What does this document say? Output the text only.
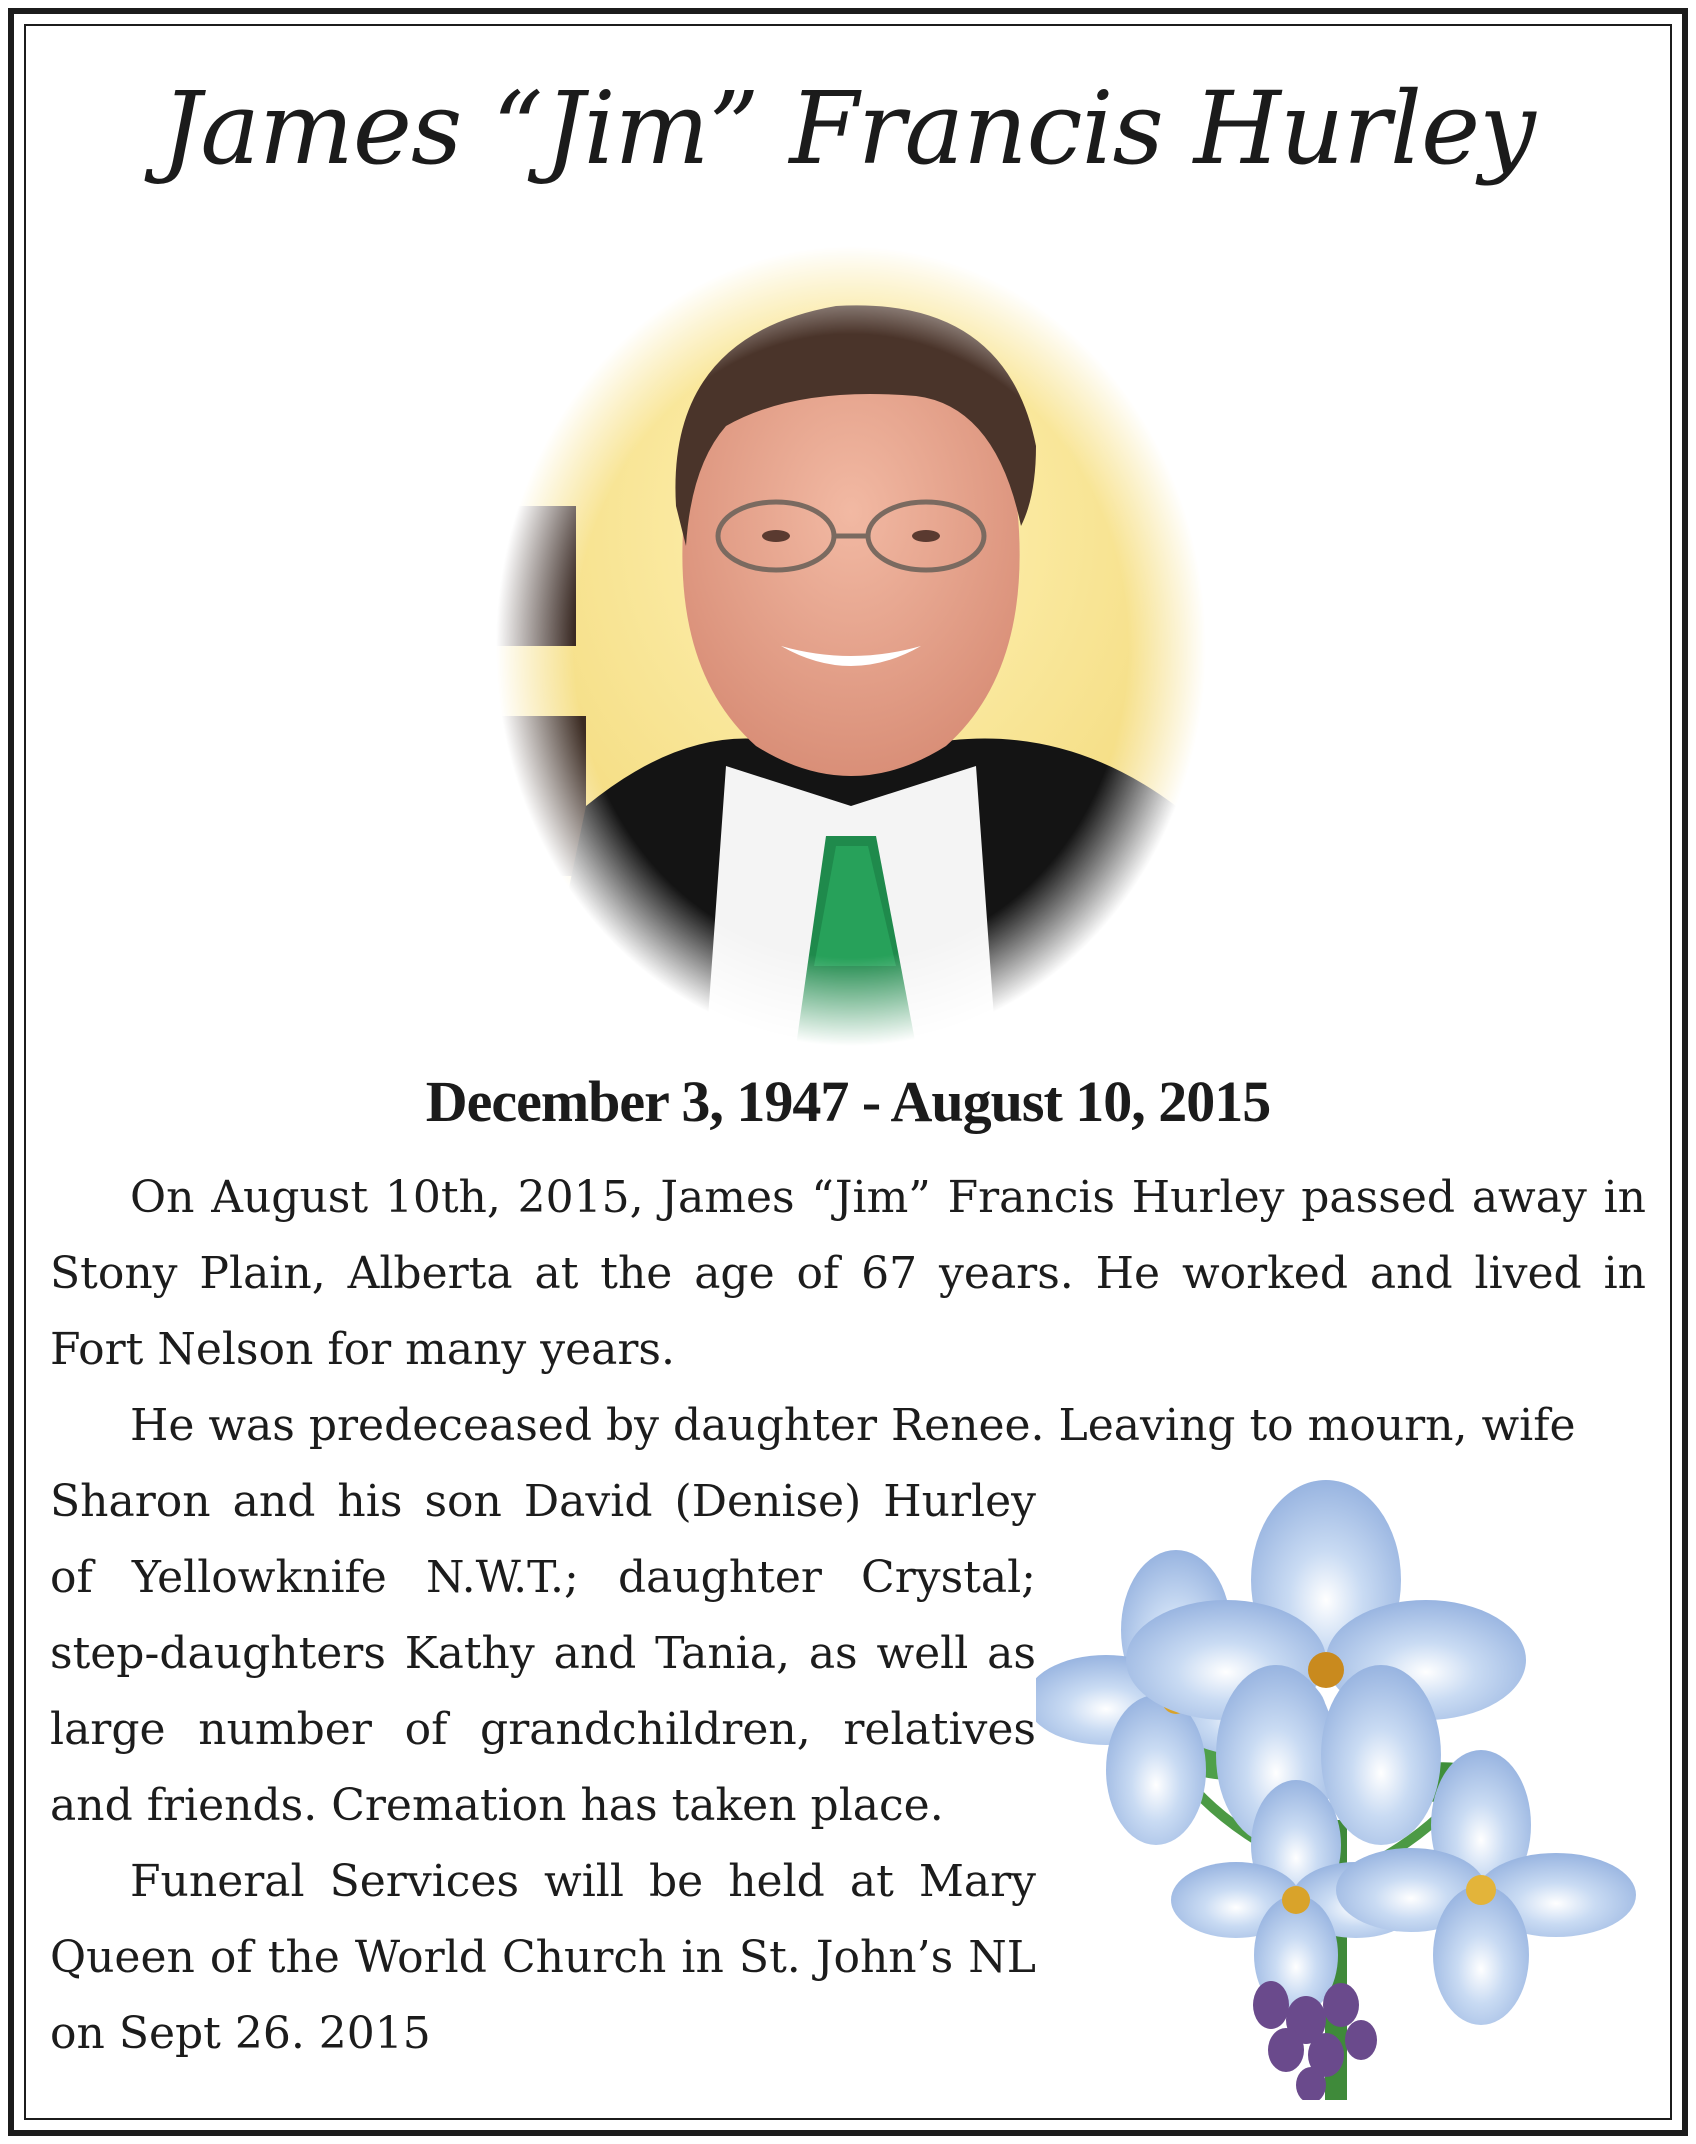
James “Jim” Francis Hurley
December 3, 1947 - August 10, 2015

On August 10th, 2015, James “Jim” Francis Hurley passed away in Stony Plain, Alberta at the age of 67 years. He worked and lived in Fort Nelson for many years.

He was predeceased by daughter Renee. Leaving to mourn, wife

Sharon and his son David (Denise) Hurley of Yellowknife N.W.T.; daughter Crystal; step-daughters Kathy and Tania, as well as large number of grandchildren, relatives and friends. Cremation has taken place.

Funeral Services will be held at Mary Queen of the World Church in St. John’s NL on Sept 26. 2015
